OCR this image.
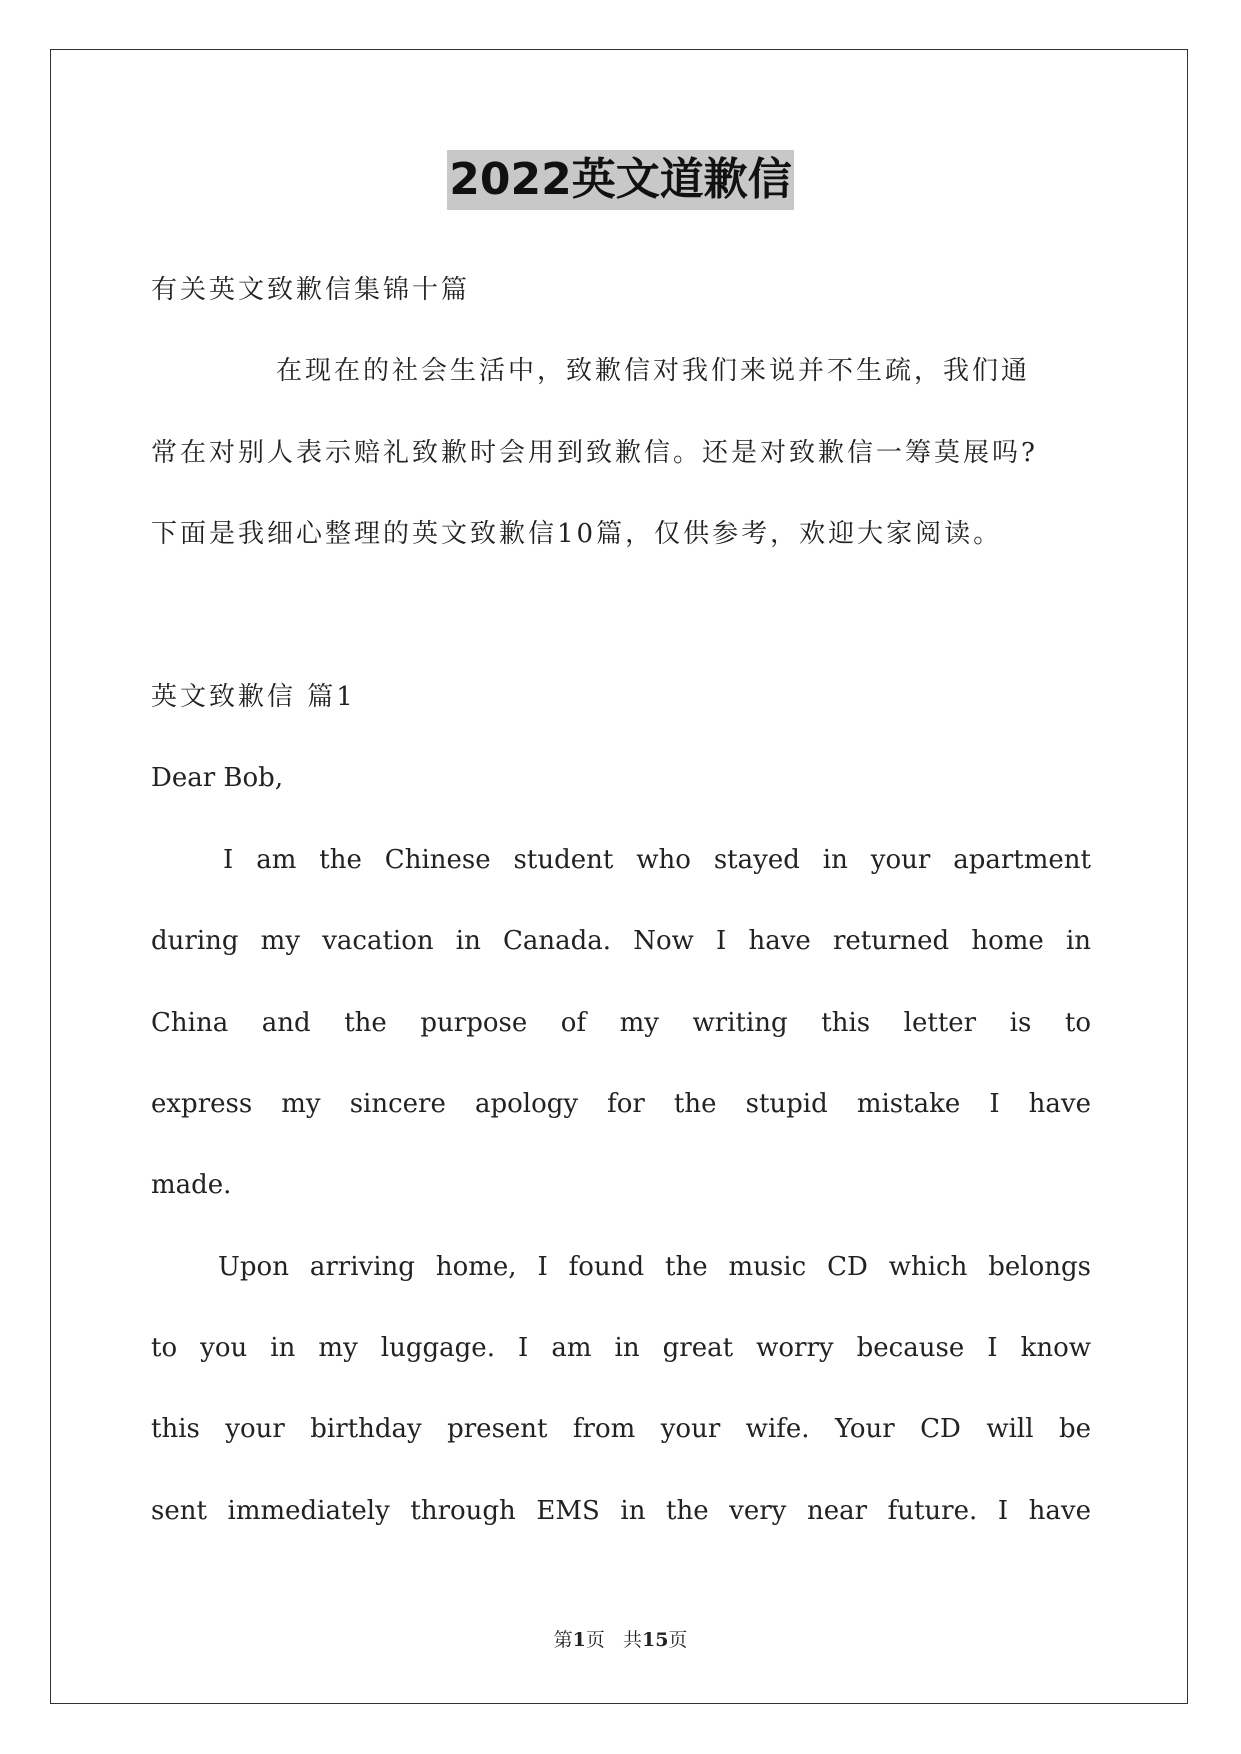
2022英文道歉信
有关英文致歉信集锦十篇
在现在的社会生活中，致歉信对我们来说并不生疏，我们通
常在对别人表示赔礼致歉时会用到致歉信。还是对致歉信一筹莫展吗?
下面是我细心整理的英文致歉信10篇，仅供参考，欢迎大家阅读。
英文致歉信 篇1
Dear Bob,
I am the Chinese student who stayed in your apartment
during my vacation in Canada. Now I have returned home in
China and the purpose of my writing this letter is to
express my sincere apology for the stupid mistake I have
made.
Upon arriving home, I found the music CD which belongs
to you in my luggage. I am in great worry because I know
this your birthday present from your wife. Your CD will be
sent immediately through EMS in the very near future. I have
第1页 共15页
